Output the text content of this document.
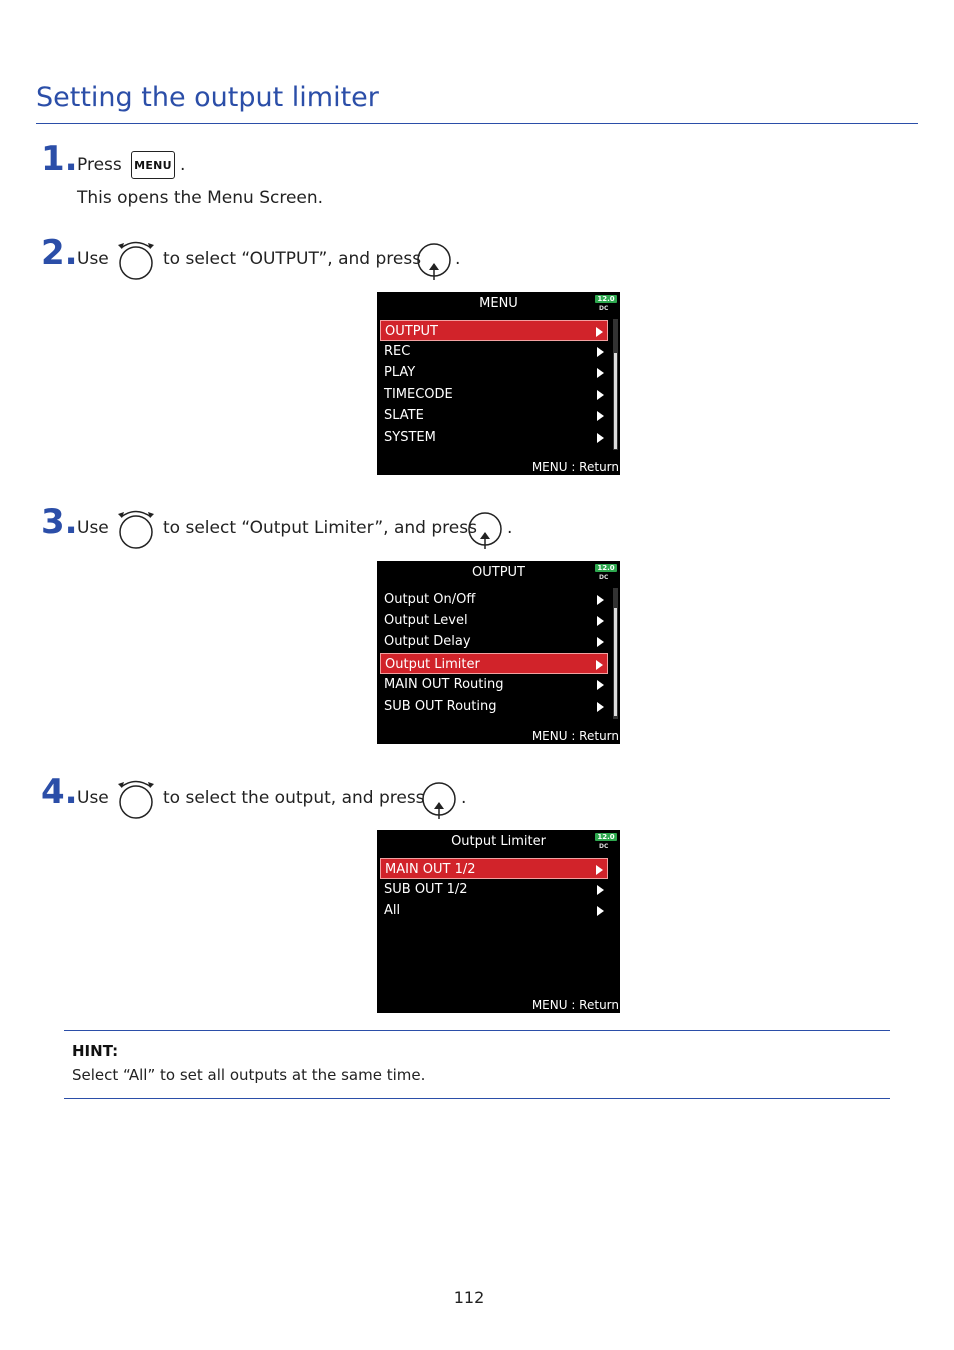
Setting the output limiter
1. Press MENU .
This opens the Menu Screen.
2. Use	to select “OUTPUT”, and press .
MENU	12.0
DC
OUTPUT
REC
PLAY
TIMECODE
SLATE
SYSTEM
MENU : Return
3. Use	to select “Output Limiter”, and press .
OUTPUT	12.0
DC
Output On/Off
Output Level
Output Delay
Output Limiter
MAIN OUT Routing
SUB OUT Routing
MENU : Return
4. Use	to select the output, and press .
Output Limiter	12.0
DC
MAIN OUT 1/2
SUB OUT 1/2
All
MENU : Return
HINT:
Select “All” to set all outputs at the same time.
112
